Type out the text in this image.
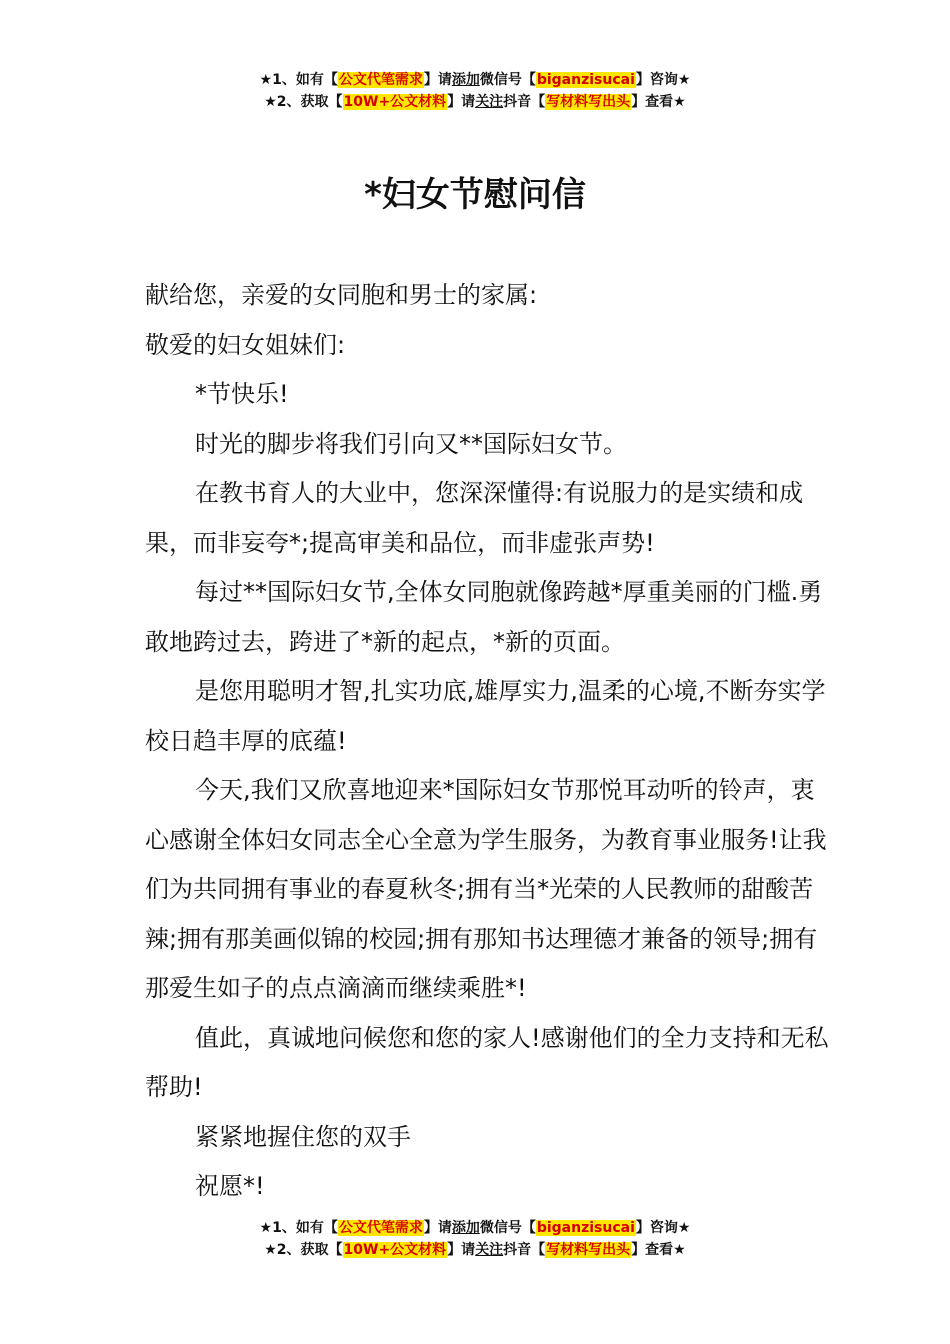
★1、如有【公文代笔需求】请添加微信号【biganzisucai】咨询★
★2、获取【10W+公文材料】请关注抖音【写材料写出头】查看★
*妇女节慰问信

献给您，亲爱的女同胞和男士的家属:

敬爱的妇女姐妹们:

*节快乐!

时光的脚步将我们引向又**国际妇女节。

在教书育人的大业中，您深深懂得:有说服力的是实绩和成果，而非妄夸*;提高审美和品位，而非虚张声势!

每过**国际妇女节,全体女同胞就像跨越*厚重美丽的门槛.勇敢地跨过去，跨进了*新的起点，*新的页面。

是您用聪明才智,扎实功底,雄厚实力,温柔的心境,不断夯实学校日趋丰厚的底蕴!

今天,我们又欣喜地迎来*国际妇女节那悦耳动听的铃声，衷心感谢全体妇女同志全心全意为学生服务，为教育事业服务!让我们为共同拥有事业的春夏秋冬;拥有当*光荣的人民教师的甜酸苦辣;拥有那美画似锦的校园;拥有那知书达理德才兼备的领导;拥有那爱生如子的点点滴滴而继续乘胜*!

值此，真诚地问候您和您的家人!感谢他们的全力支持和无私帮助!

紧紧地握住您的双手

祝愿*!

★1、如有【公文代笔需求】请添加微信号【biganzisucai】咨询★
★2、获取【10W+公文材料】请关注抖音【写材料写出头】查看★
